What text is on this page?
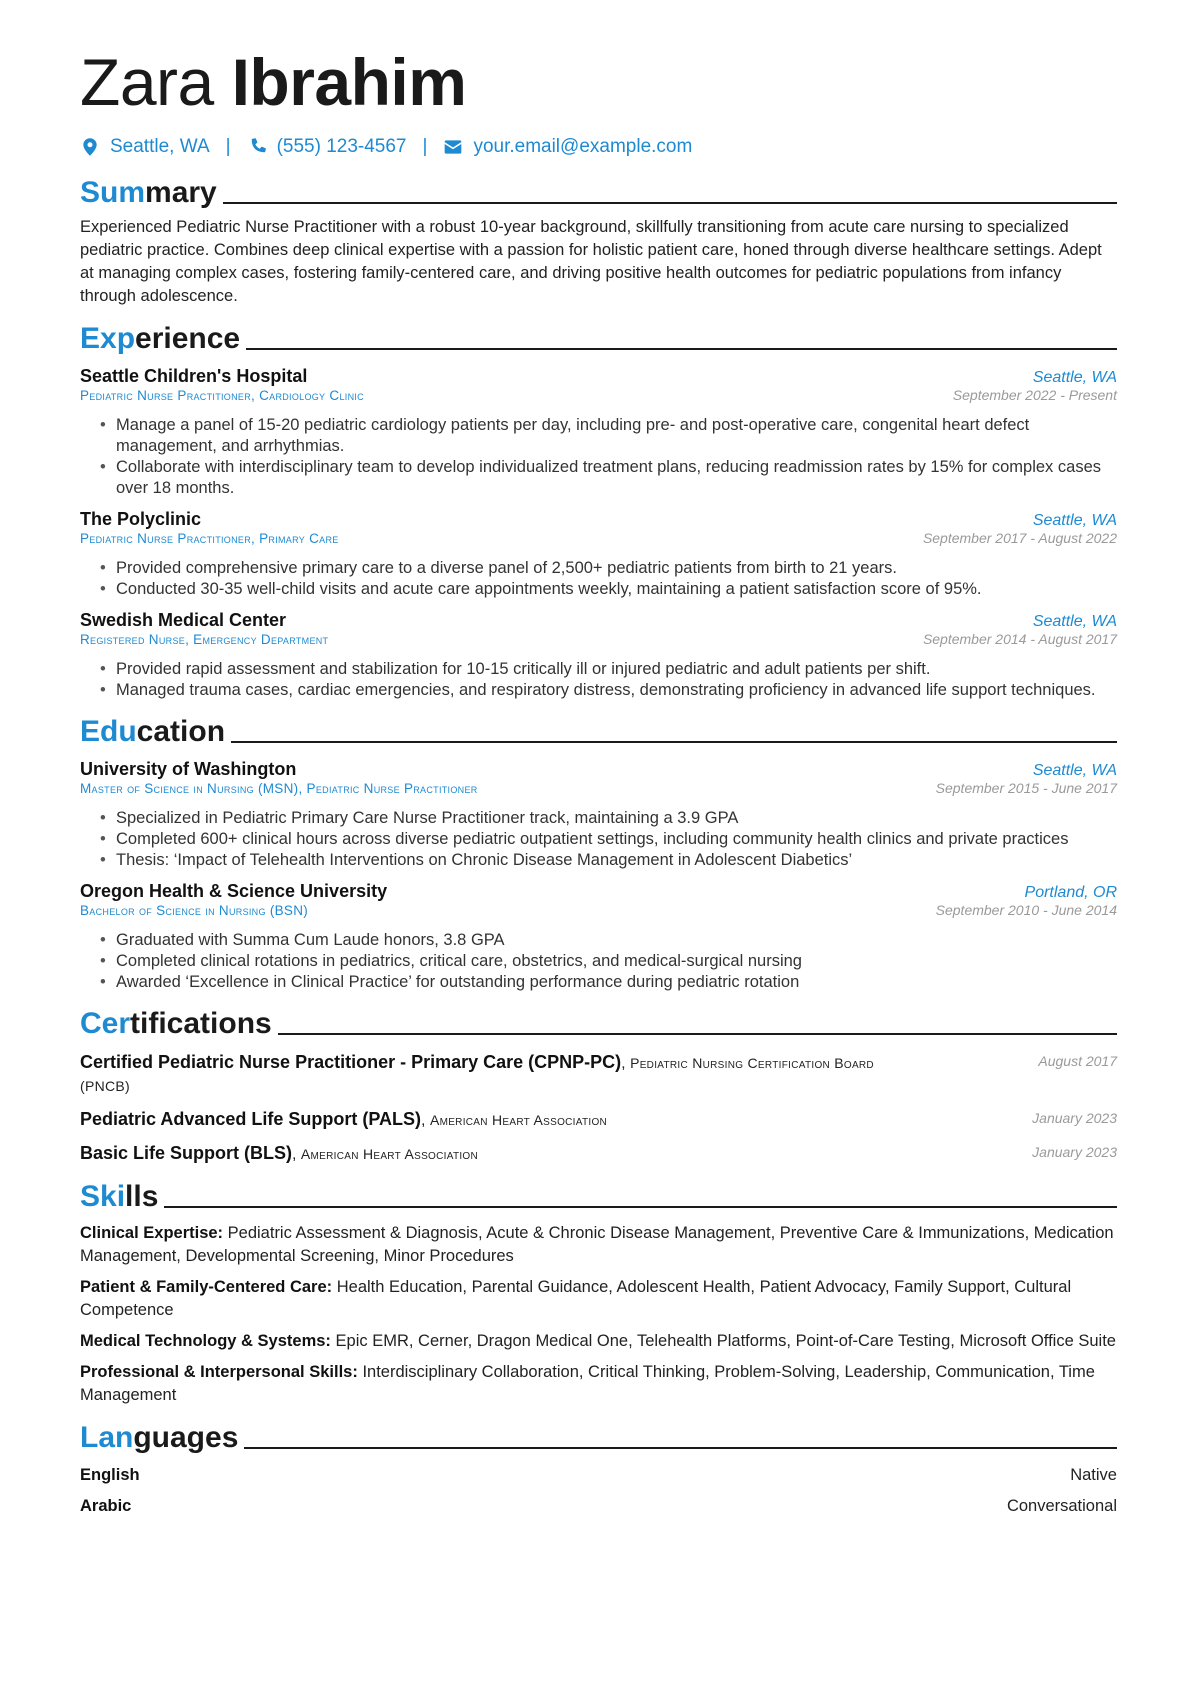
Zara Ibrahim
Seattle, WA | (555) 123-4567 | your.email@example.com
Summary
Experienced Pediatric Nurse Practitioner with a robust 10-year background, skillfully transitioning from acute care nursing to specialized pediatric practice. Combines deep clinical expertise with a passion for holistic patient care, honed through diverse healthcare settings. Adept at managing complex cases, fostering family-centered care, and driving positive health outcomes for pediatric populations from infancy through adolescence.
Experience
Seattle Children's Hospital	Seattle, WA
Pediatric Nurse Practitioner, Cardiology Clinic	September 2022 - Present
• Manage a panel of 15-20 pediatric cardiology patients per day, including pre- and post-operative care, congenital heart defect management, and arrhythmias.
• Collaborate with interdisciplinary team to develop individualized treatment plans, reducing readmission rates by 15% for complex cases over 18 months.
The Polyclinic	Seattle, WA
Pediatric Nurse Practitioner, Primary Care	September 2017 - August 2022
• Provided comprehensive primary care to a diverse panel of 2,500+ pediatric patients from birth to 21 years.
• Conducted 30-35 well-child visits and acute care appointments weekly, maintaining a patient satisfaction score of 95%.
Swedish Medical Center	Seattle, WA
Registered Nurse, Emergency Department	September 2014 - August 2017
• Provided rapid assessment and stabilization for 10-15 critically ill or injured pediatric and adult patients per shift.
• Managed trauma cases, cardiac emergencies, and respiratory distress, demonstrating proficiency in advanced life support techniques.
Education
University of Washington	Seattle, WA
Master of Science in Nursing (MSN), Pediatric Nurse Practitioner	September 2015 - June 2017
• Specialized in Pediatric Primary Care Nurse Practitioner track, maintaining a 3.9 GPA
• Completed 600+ clinical hours across diverse pediatric outpatient settings, including community health clinics and private practices
• Thesis: ‘Impact of Telehealth Interventions on Chronic Disease Management in Adolescent Diabetics’
Oregon Health & Science University	Portland, OR
Bachelor of Science in Nursing (BSN)	September 2010 - June 2014
• Graduated with Summa Cum Laude honors, 3.8 GPA
• Completed clinical rotations in pediatrics, critical care, obstetrics, and medical-surgical nursing
• Awarded ‘Excellence in Clinical Practice’ for outstanding performance during pediatric rotation
Certifications
Certified Pediatric Nurse Practitioner - Primary Care (CPNP-PC), Pediatric Nursing Certification Board (PNCB)
August 2017
Pediatric Advanced Life Support (PALS), American Heart Association	January 2023
Basic Life Support (BLS), American Heart Association	January 2023
Skills
Clinical Expertise: Pediatric Assessment & Diagnosis, Acute & Chronic Disease Management, Preventive Care & Immunizations, Medication Management, Developmental Screening, Minor Procedures
Patient & Family-Centered Care: Health Education, Parental Guidance, Adolescent Health, Patient Advocacy, Family Support, Cultural Competence
Medical Technology & Systems: Epic EMR, Cerner, Dragon Medical One, Telehealth Platforms, Point-of-Care Testing, Microsoft Office Suite
Professional & Interpersonal Skills: Interdisciplinary Collaboration, Critical Thinking, Problem-Solving, Leadership, Communication, Time Management
Languages
English	Native
Arabic	Conversational
